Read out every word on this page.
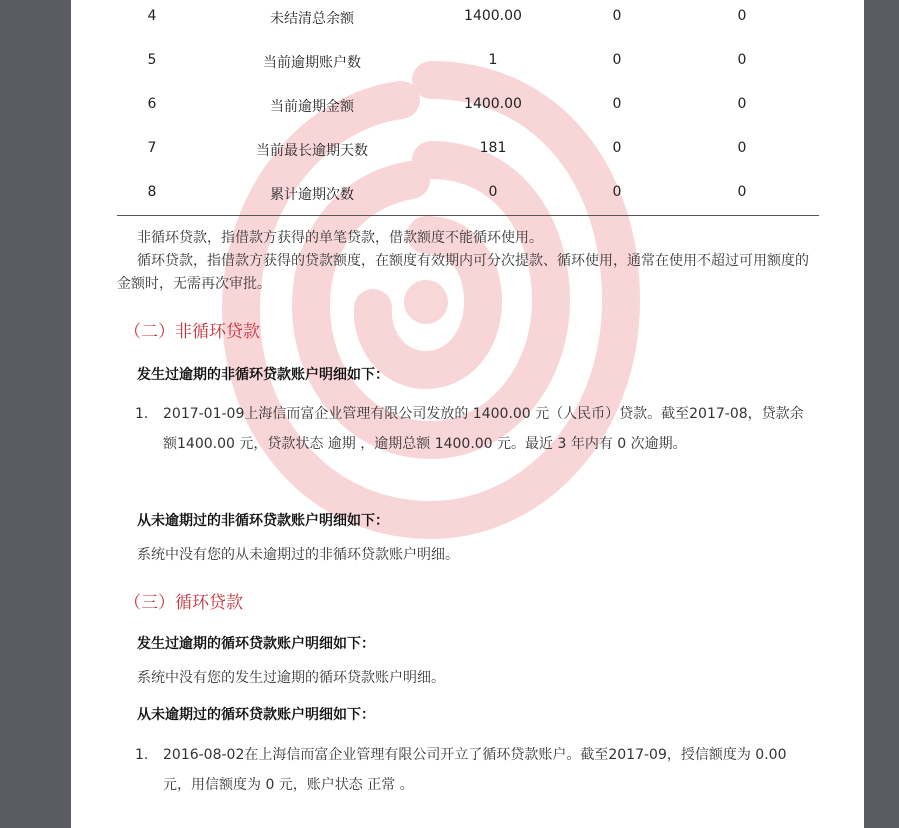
4	未结清总余额	1400.00	0	0
5	当前逾期账户数	1	0	0
6	当前逾期金额	1400.00	0	0
7	当前最长逾期天数	181	0	0
8	累计逾期次数	0	0	0
非循环贷款，指借款方获得的单笔贷款，借款额度不能循环使用。
循环贷款，指借款方获得的贷款额度，在额度有效期内可分次提款、循环使用，通常在使用不超过可用额度的金额时，无需再次审批。
（二）非循环贷款
发生过逾期的非循环贷款账户明细如下：
1.	2017-01-09上海信而富企业管理有限公司发放的 1400.00 元（人民币）贷款。截至2017-08，贷款余额1400.00 元，贷款状态 逾期 ，逾期总额 1400.00 元。最近 3 年内有 0 次逾期。
从未逾期过的非循环贷款账户明细如下：
系统中没有您的从未逾期过的非循环贷款账户明细。
（三）循环贷款
发生过逾期的循环贷款账户明细如下：
系统中没有您的发生过逾期的循环贷款账户明细。
从未逾期过的循环贷款账户明细如下：
1.	2016-08-02在上海信而富企业管理有限公司开立了循环贷款账户。截至2017-09，授信额度为 0.00 元，用信额度为 0 元，账户状态 正常 。
